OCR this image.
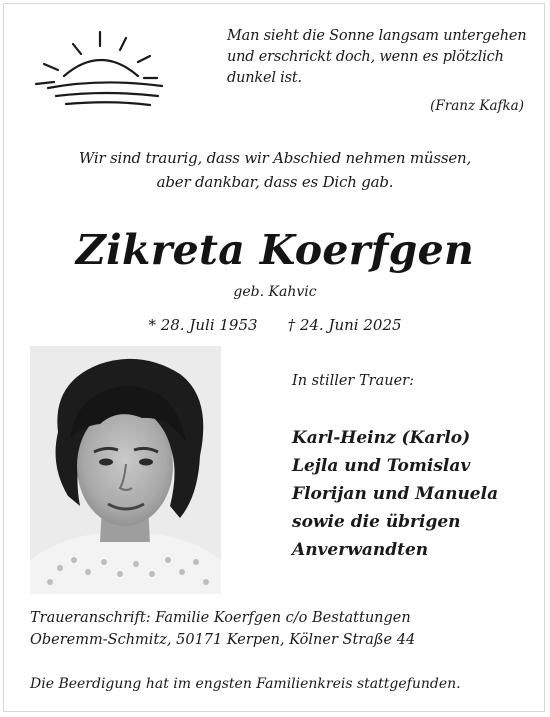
Man sieht die Sonne langsam untergehen
und erschrickt doch, wenn es plötzlich
dunkel ist.
(Franz Kafka)
Wir sind traurig, dass wir Abschied nehmen müssen,
aber dankbar, dass es Dich gab.
Zikreta Koerfgen
geb. Kahvic
* 28. Juli 1953 † 24. Juni 2025
In stiller Trauer:
Karl-Heinz (Karlo)
Lejla und Tomislav
Florijan und Manuela
sowie die übrigen
Anverwandten
Traueranschrift: Familie Koerfgen c/o Bestattungen
Oberemm-Schmitz, 50171 Kerpen, Kölner Straße 44
Die Beerdigung hat im engsten Familienkreis stattgefunden.
